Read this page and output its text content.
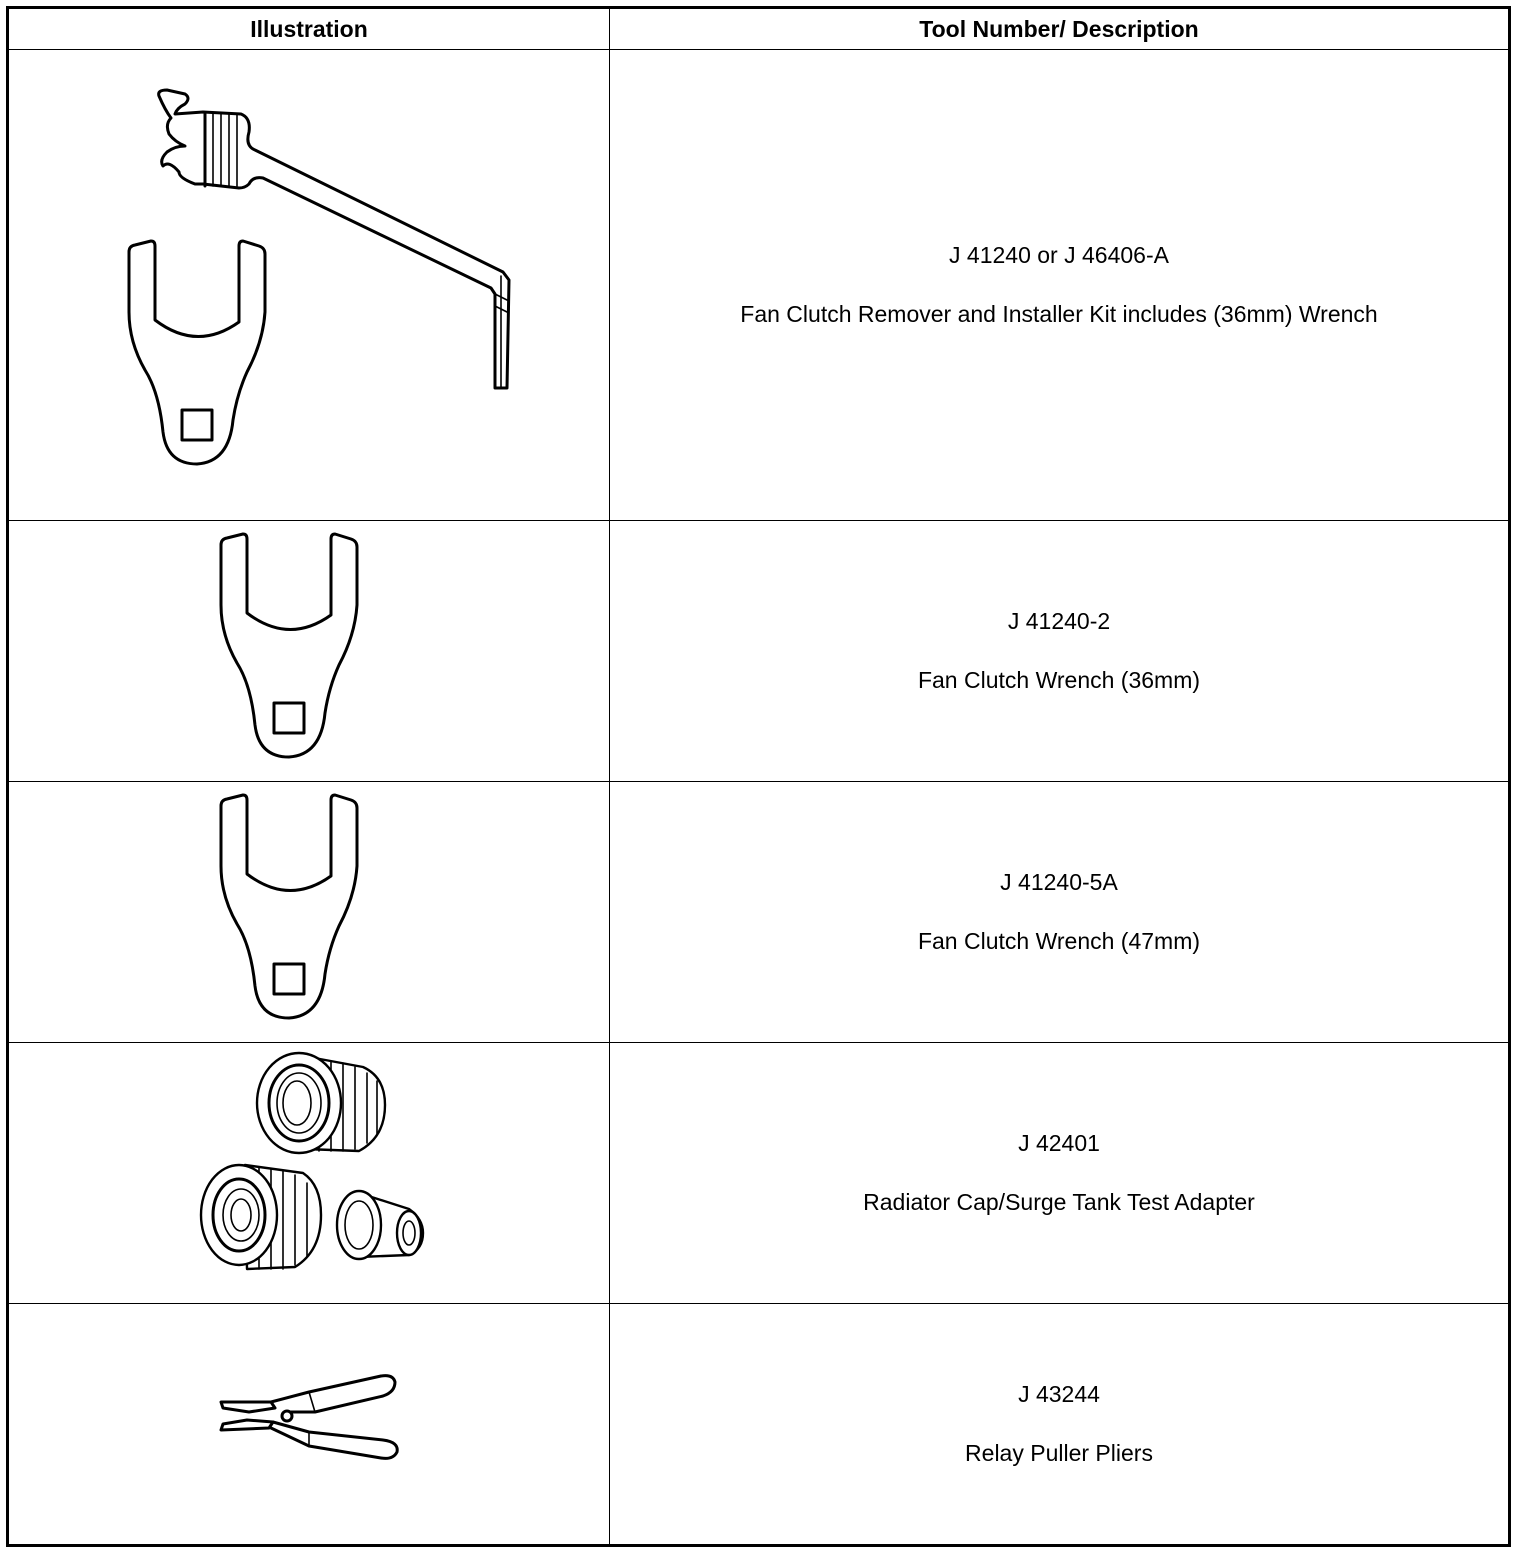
Illustration	Tool Number/ Description

J 41240 or J 46406-A
Fan Clutch Remover and Installer Kit includes (36mm) Wrench

J 41240-2
Fan Clutch Wrench (36mm)

J 41240-5A
Fan Clutch Wrench (47mm)

J 42401
Radiator Cap/Surge Tank Test Adapter

J 43244
Relay Puller Pliers
